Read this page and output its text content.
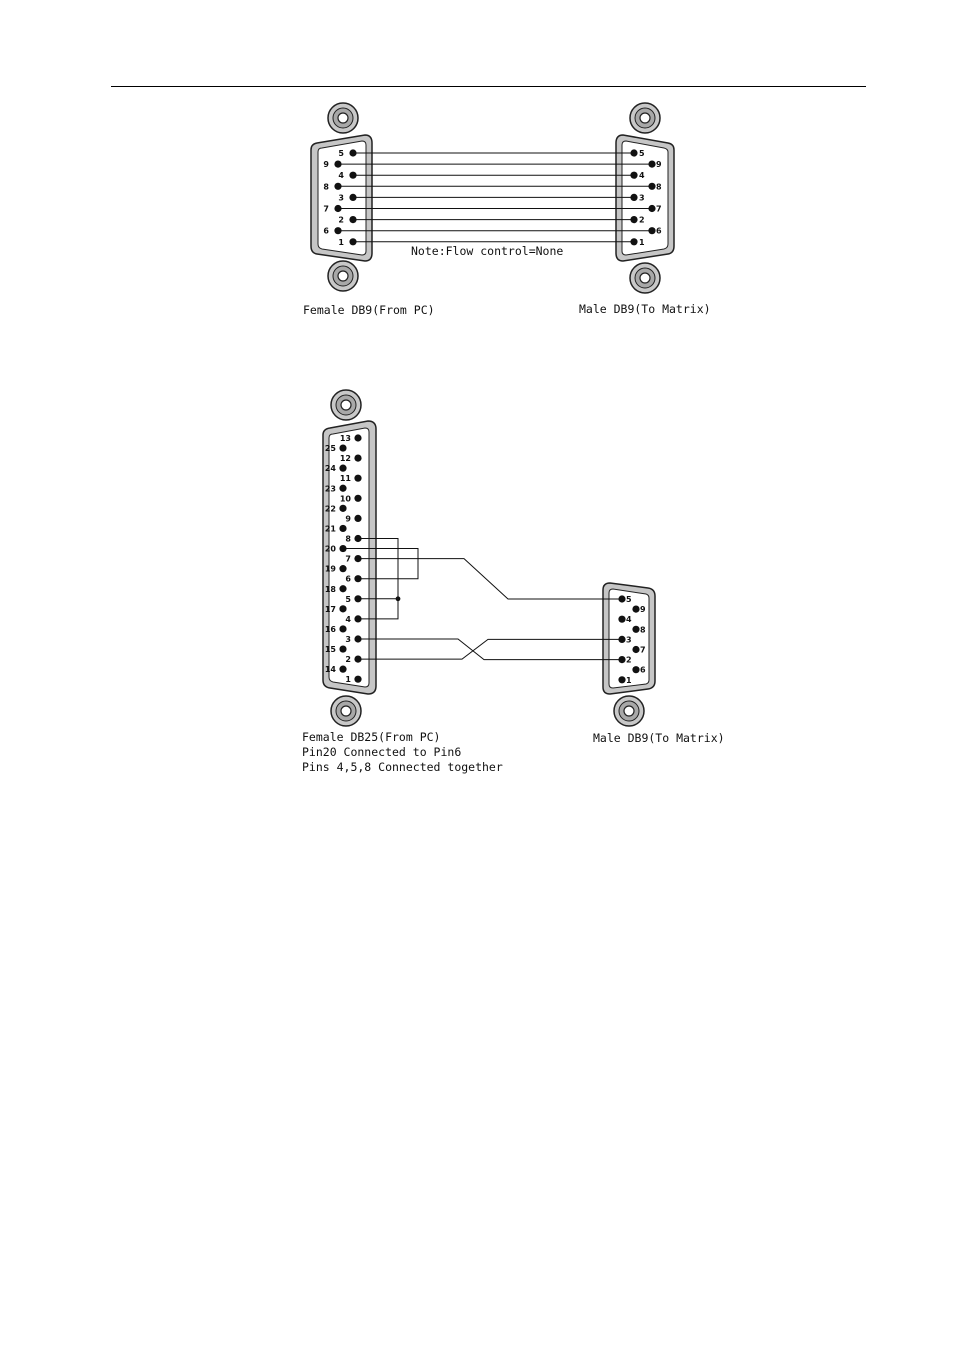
5
9
4
8
3
7
2
6
1
5
9
4
8
3
7
2
6
1
Note:Flow control=None
13
25
12
24
11
23
10
22
9
21
8
20
7
19
6
18
5
17
4
16
3
15
2
14
1
5
9
4
8
3
7
2
6
1
Female DB9(From PC)	Male DB9(To Matrix)
Female DB25(From PC)
Pin20 Connected to Pin6
Pins 4,5,8 Connected together
Male DB9(To Matrix)
